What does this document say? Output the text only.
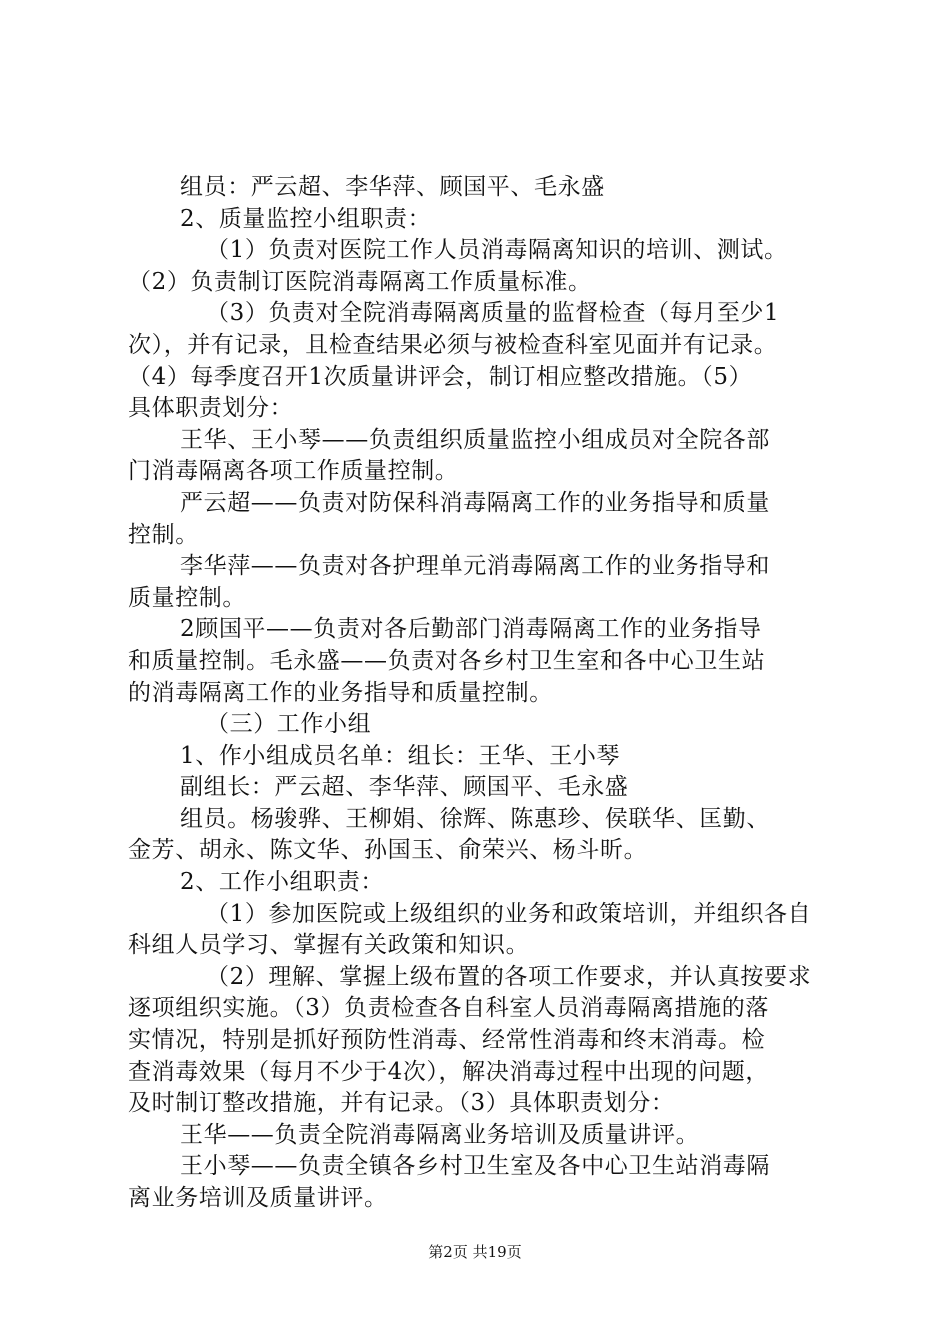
组员：严云超、李华萍、顾国平、毛永盛
2、质量监控小组职责：
（1）负责对医院工作人员消毒隔离知识的培训、测试。
（2）负责制订医院消毒隔离工作质量标准。
（3）负责对全院消毒隔离质量的监督检查（每月至少1
次），并有记录，且检查结果必须与被检查科室见面并有记录。
（4）每季度召开1次质量讲评会，制订相应整改措施。（5）
具体职责划分：
王华、王小琴——负责组织质量监控小组成员对全院各部
门消毒隔离各项工作质量控制。
严云超——负责对防保科消毒隔离工作的业务指导和质量
控制。
李华萍——负责对各护理单元消毒隔离工作的业务指导和
质量控制。
2顾国平——负责对各后勤部门消毒隔离工作的业务指导
和质量控制。毛永盛——负责对各乡村卫生室和各中心卫生站
的消毒隔离工作的业务指导和质量控制。
（三）工作小组
1、作小组成员名单：组长：王华、王小琴
副组长：严云超、李华萍、顾国平、毛永盛
组员。杨骏骅、王柳娟、徐辉、陈惠珍、侯联华、匡勤、
金芳、胡永、陈文华、孙国玉、俞荣兴、杨斗昕。
2、工作小组职责：
（1）参加医院或上级组织的业务和政策培训，并组织各自
科组人员学习、掌握有关政策和知识。
（2）理解、掌握上级布置的各项工作要求，并认真按要求
逐项组织实施。（3）负责检查各自科室人员消毒隔离措施的落
实情况，特别是抓好预防性消毒、经常性消毒和终末消毒。检
查消毒效果（每月不少于4次），解决消毒过程中出现的问题，
及时制订整改措施，并有记录。（3）具体职责划分：
王华——负责全院消毒隔离业务培训及质量讲评。
王小琴——负责全镇各乡村卫生室及各中心卫生站消毒隔
离业务培训及质量讲评。
第2页 共19页
